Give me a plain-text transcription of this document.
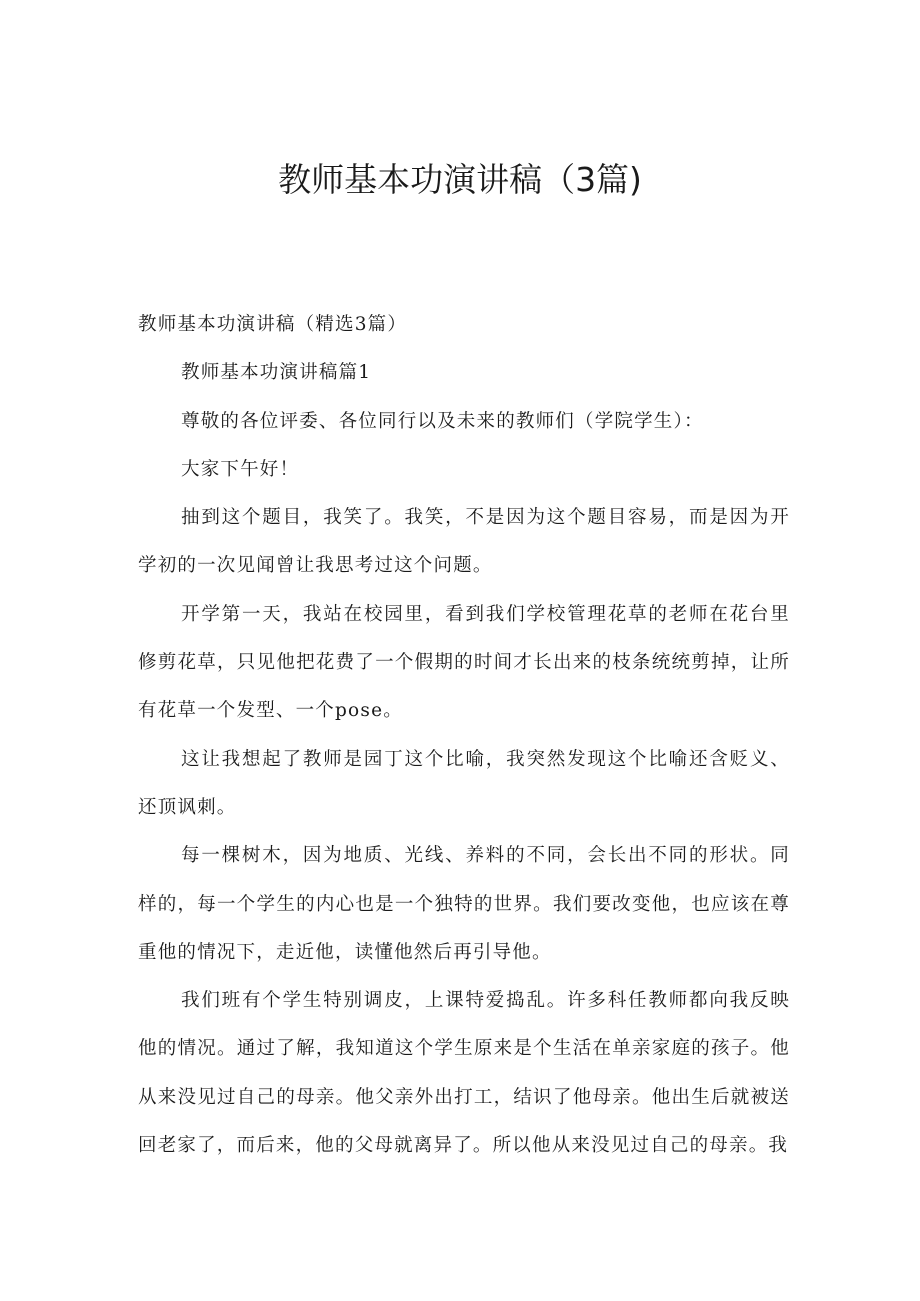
教师基本功演讲稿（3篇)

教师基本功演讲稿（精选3篇）

教师基本功演讲稿篇1

尊敬的各位评委、各位同行以及未来的教师们（学院学生）：

大家下午好！

抽到这个题目，我笑了。我笑，不是因为这个题目容易，而是因为开学初的一次见闻曾让我思考过这个问题。

开学第一天，我站在校园里，看到我们学校管理花草的老师在花台里修剪花草，只见他把花费了一个假期的时间才长出来的枝条统统剪掉，让所有花草一个发型、一个pose。

这让我想起了教师是园丁这个比喻，我突然发现这个比喻还含贬义、还顶讽刺。

每一棵树木，因为地质、光线、养料的不同，会长出不同的形状。同样的，每一个学生的内心也是一个独特的世界。我们要改变他，也应该在尊重他的情况下，走近他，读懂他然后再引导他。

我们班有个学生特别调皮，上课特爱捣乱。许多科任教师都向我反映他的情况。通过了解，我知道这个学生原来是个生活在单亲家庭的孩子。他从来没见过自己的母亲。他父亲外出打工，结识了他母亲。他出生后就被送回老家了，而后来，他的父母就离异了。所以他从来没见过自己的母亲。我
